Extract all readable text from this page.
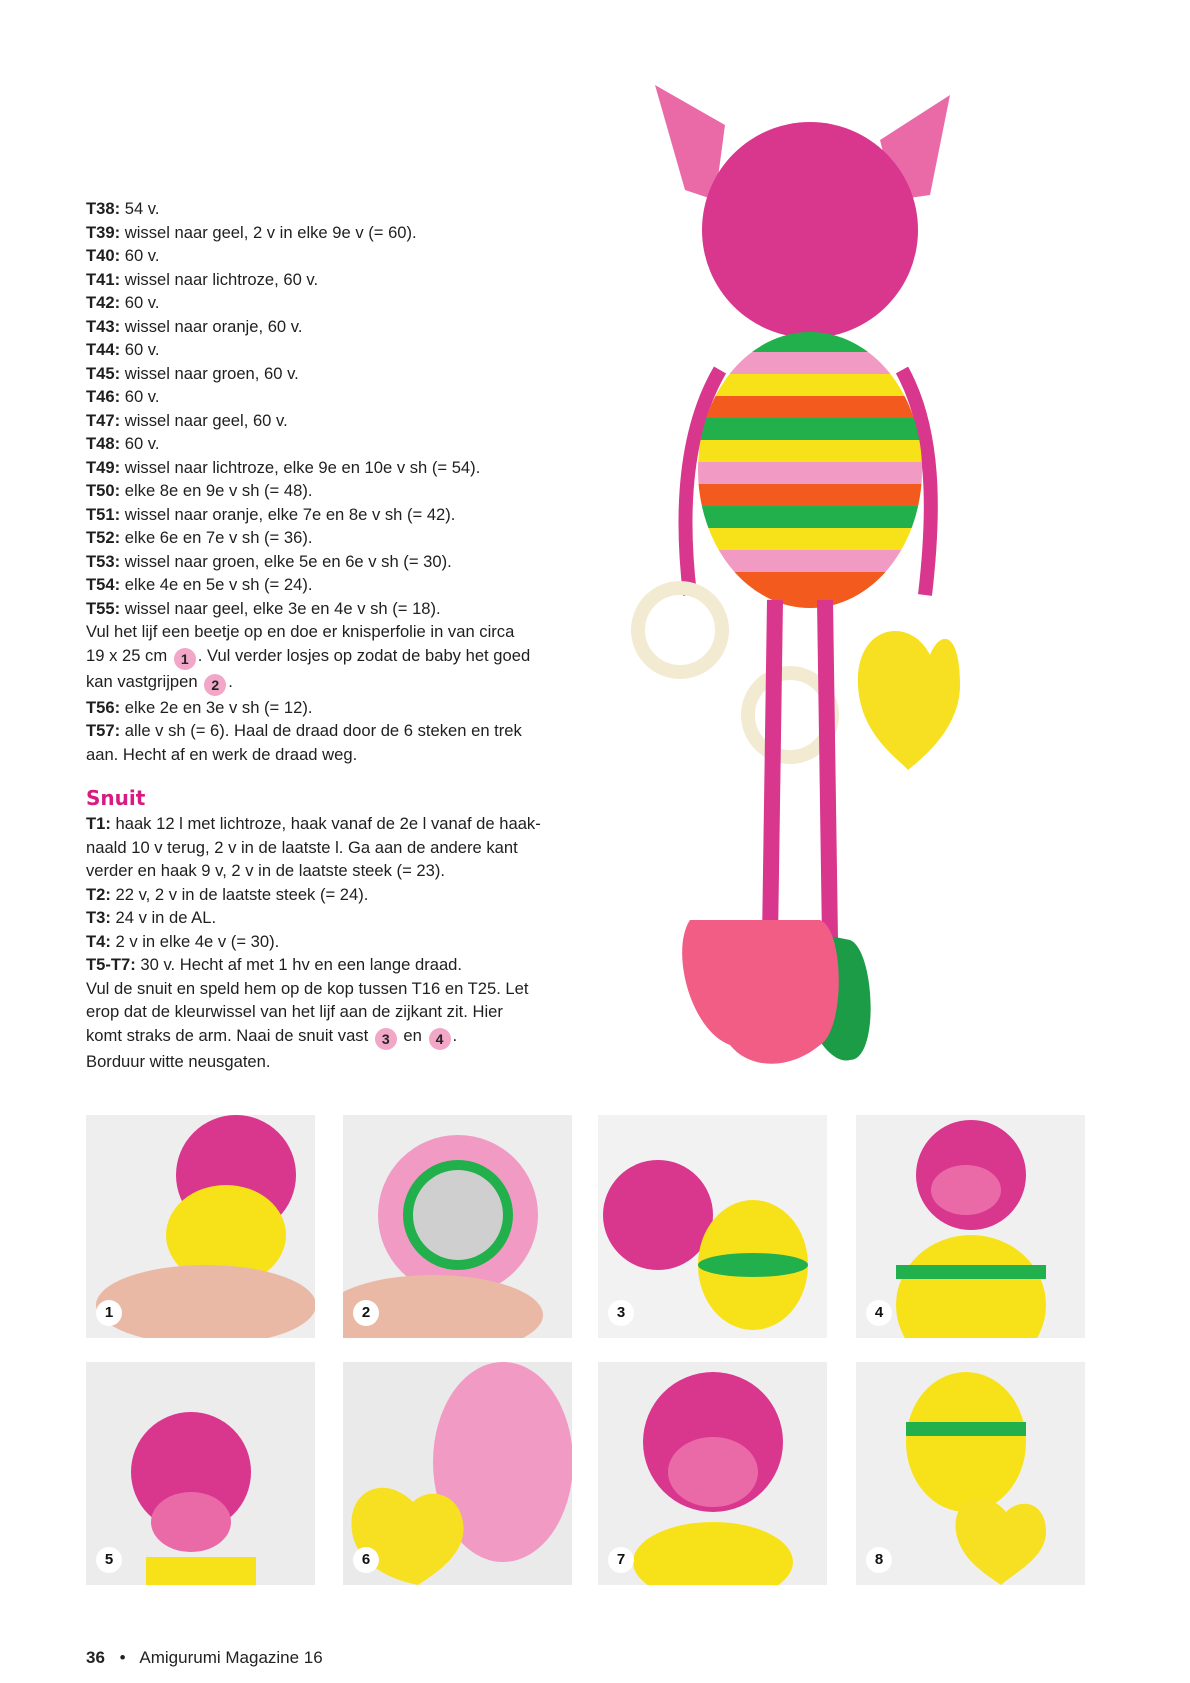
T38: 54 v.
T39: wissel naar geel, 2 v in elke 9e v (= 60).
T40: 60 v.
T41: wissel naar lichtroze, 60 v.
T42: 60 v.
T43: wissel naar oranje, 60 v.
T44: 60 v.
T45: wissel naar groen, 60 v.
T46: 60 v.
T47: wissel naar geel, 60 v.
T48: 60 v.
T49: wissel naar lichtroze, elke 9e en 10e v sh (= 54).
T50: elke 8e en 9e v sh (= 48).
T51: wissel naar oranje, elke 7e en 8e v sh (= 42).
T52: elke 6e en 7e v sh (= 36).
T53: wissel naar groen, elke 5e en 6e v sh (= 30).
T54: elke 4e en 5e v sh (= 24).
T55: wissel naar geel, elke 3e en 4e v sh (= 18).
Vul het lijf een beetje op en doe er knisperfolie in van circa
19 x 25 cm 1 . Vul verder losjes op zodat de baby het goed
kan vastgrijpen 2 .
T56: elke 2e en 3e v sh (= 12).
T57: alle v sh (= 6). Haal de draad door de 6 steken en trek
aan. Hecht af en werk de draad weg.
Snuit
T1: haak 12 l met lichtroze, haak vanaf de 2e l vanaf de haak-
naald 10 v terug, 2 v in de laatste l. Ga aan de andere kant
verder en haak 9 v, 2 v in de laatste steek (= 23).
T2: 22 v, 2 v in de laatste steek (= 24).
T3: 24 v in de AL.
T4: 2 v in elke 4e v (= 30).
T5-T7: 30 v. Hecht af met 1 hv en een lange draad.
Vul de snuit en speld hem op de kop tussen T16 en T25. Let
erop dat de kleurwissel van het lijf aan de zijkant zit. Hier
komt straks de arm. Naai de snuit vast 3 en 4 .
Borduur witte neusgaten.
1	2	3	4
5	6	7	8
36 • Amigurumi Magazine 16
